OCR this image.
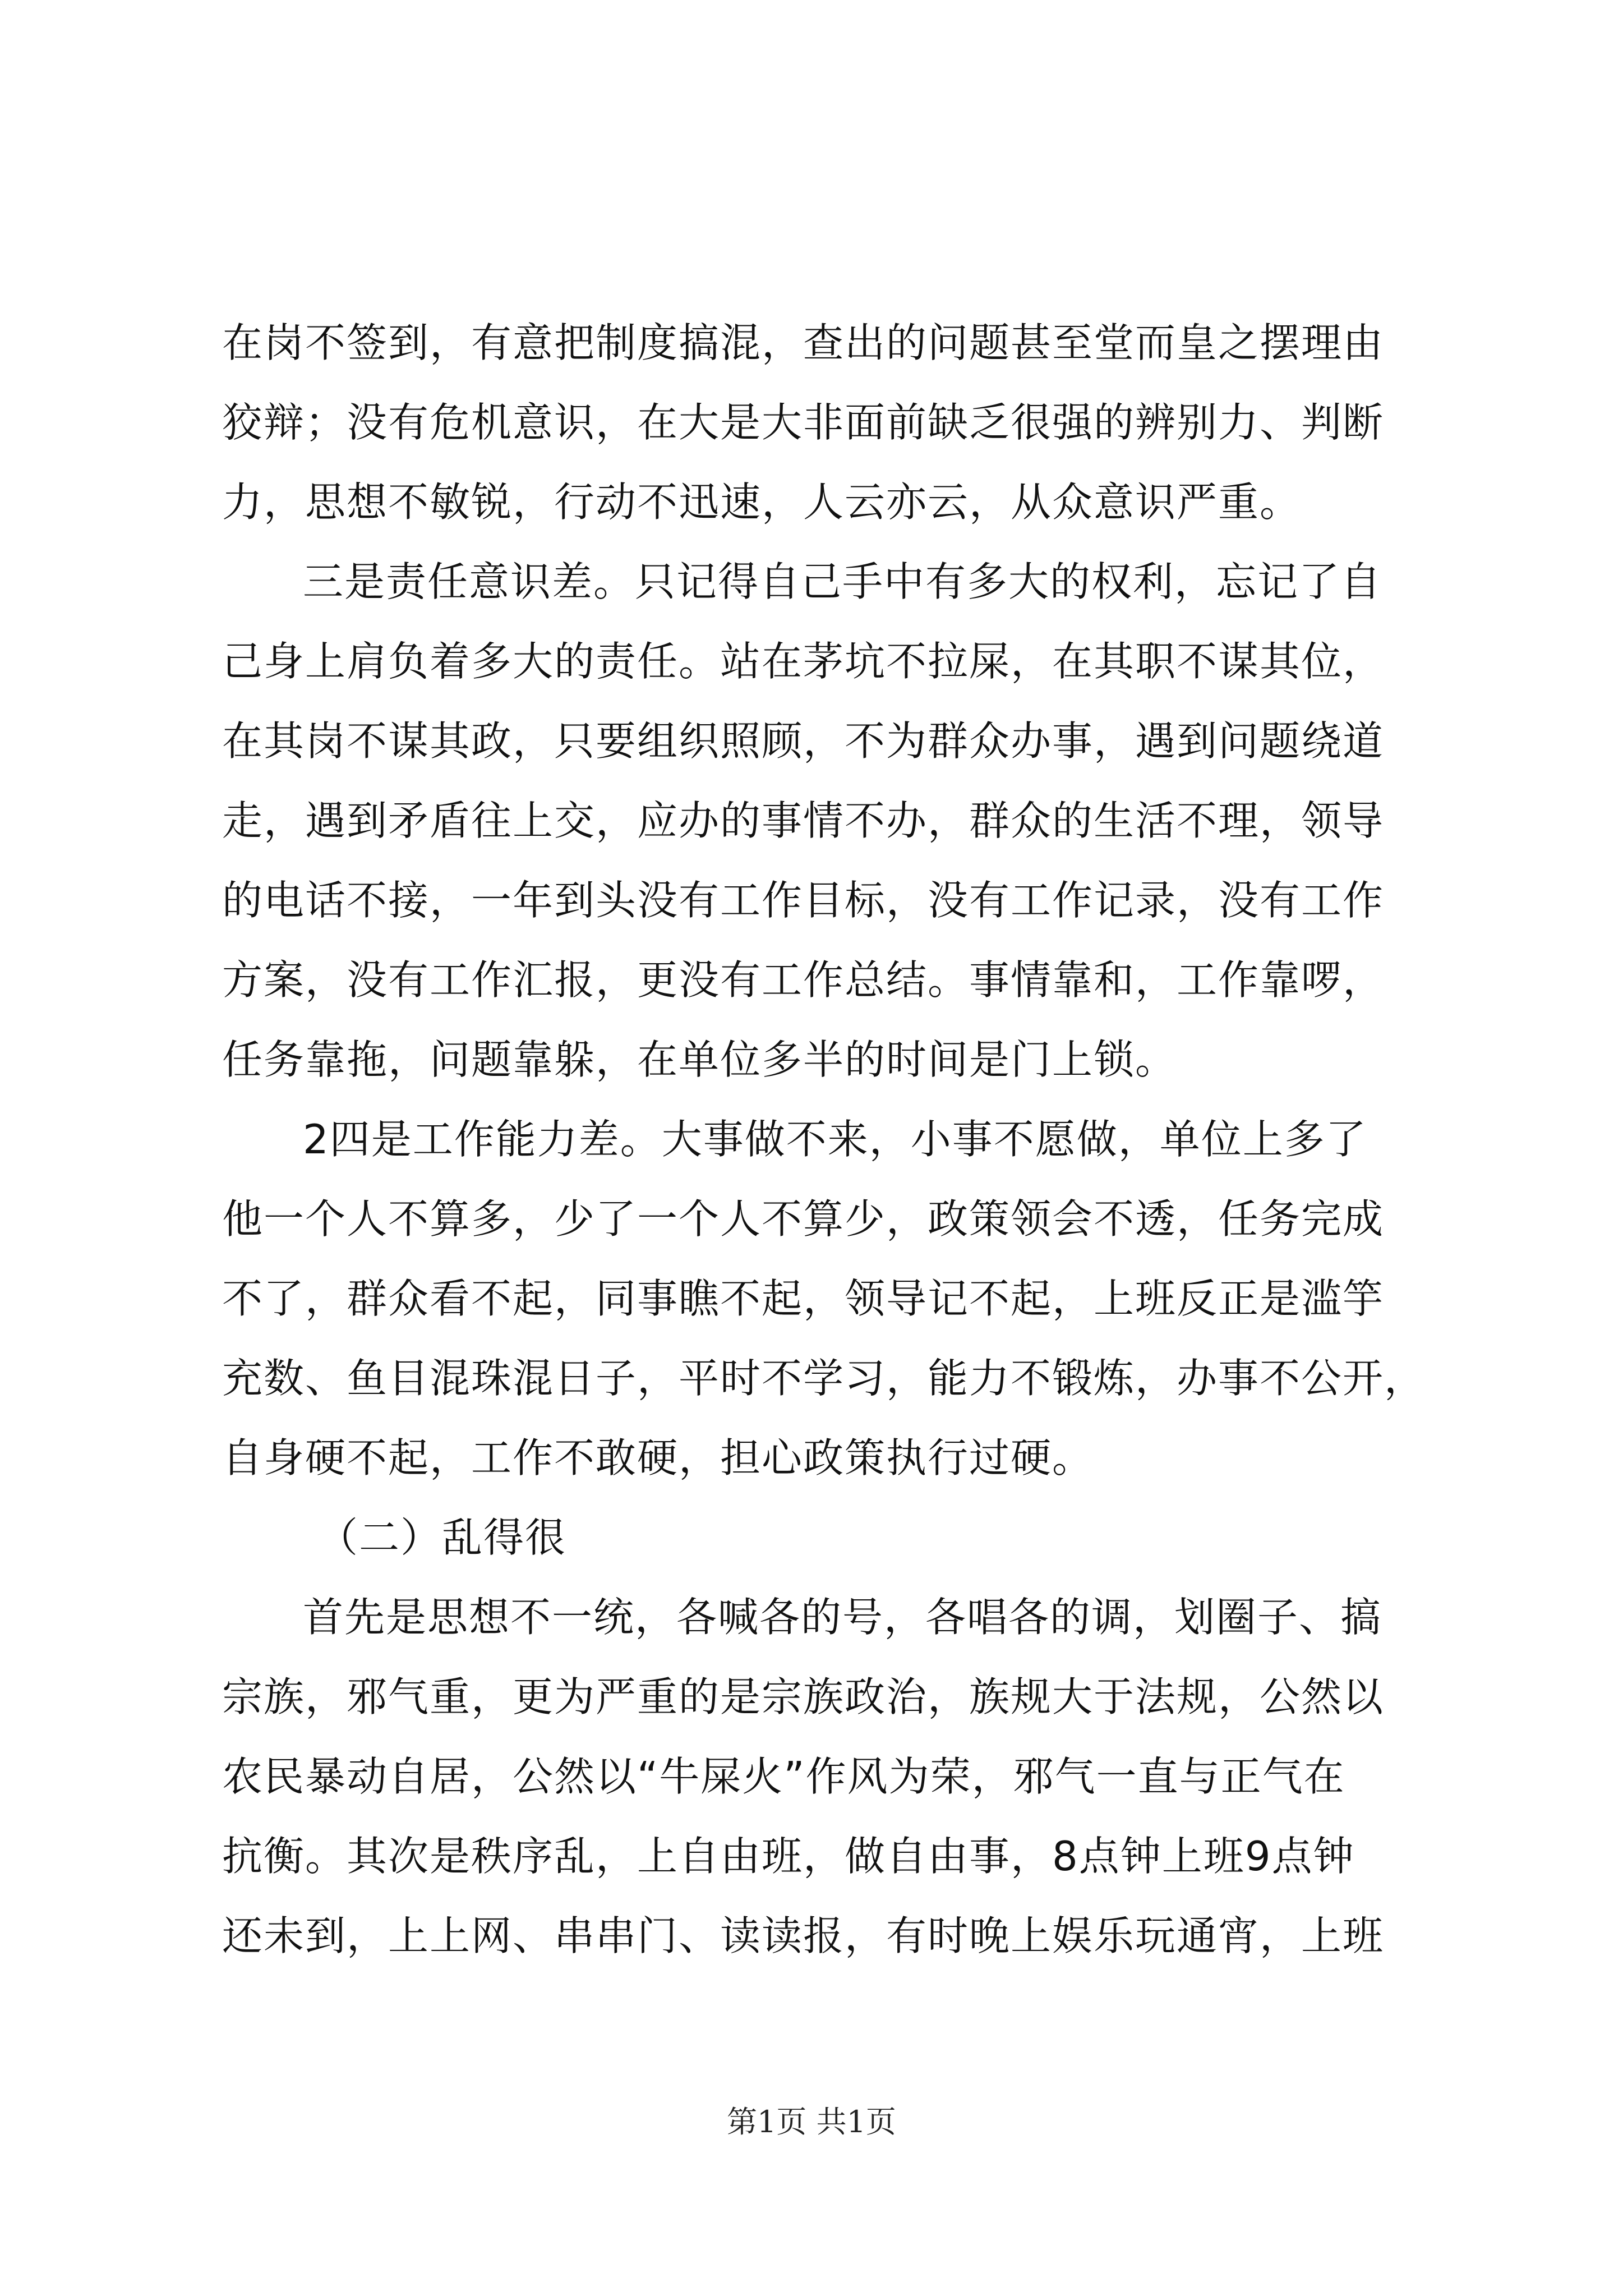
在岗不签到，有意把制度搞混，查出的问题甚至堂而皇之摆理由
狡辩；没有危机意识，在大是大非面前缺乏很强的辨别力、判断
力，思想不敏锐，行动不迅速，人云亦云，从众意识严重。
三是责任意识差。只记得自己手中有多大的权利，忘记了自
己身上肩负着多大的责任。站在茅坑不拉屎，在其职不谋其位，
在其岗不谋其政，只要组织照顾，不为群众办事，遇到问题绕道
走，遇到矛盾往上交，应办的事情不办，群众的生活不理，领导
的电话不接，一年到头没有工作目标，没有工作记录，没有工作
方案，没有工作汇报，更没有工作总结。事情靠和，工作靠啰，
任务靠拖，问题靠躲，在单位多半的时间是门上锁。
2四是工作能力差。大事做不来，小事不愿做，单位上多了
他一个人不算多，少了一个人不算少，政策领会不透，任务完成
不了，群众看不起，同事瞧不起，领导记不起，上班反正是滥竽
充数、鱼目混珠混日子，平时不学习，能力不锻炼，办事不公开，
自身硬不起，工作不敢硬，担心政策执行过硬。
（二）乱得很
首先是思想不一统，各喊各的号，各唱各的调，划圈子、搞
宗族，邪气重，更为严重的是宗族政治，族规大于法规，公然以
农民暴动自居，公然以“牛屎火”作风为荣，邪气一直与正气在
抗衡。其次是秩序乱，上自由班，做自由事，8点钟上班9点钟
还未到，上上网、串串门、读读报，有时晚上娱乐玩通宵，上班
第1页 共1页
